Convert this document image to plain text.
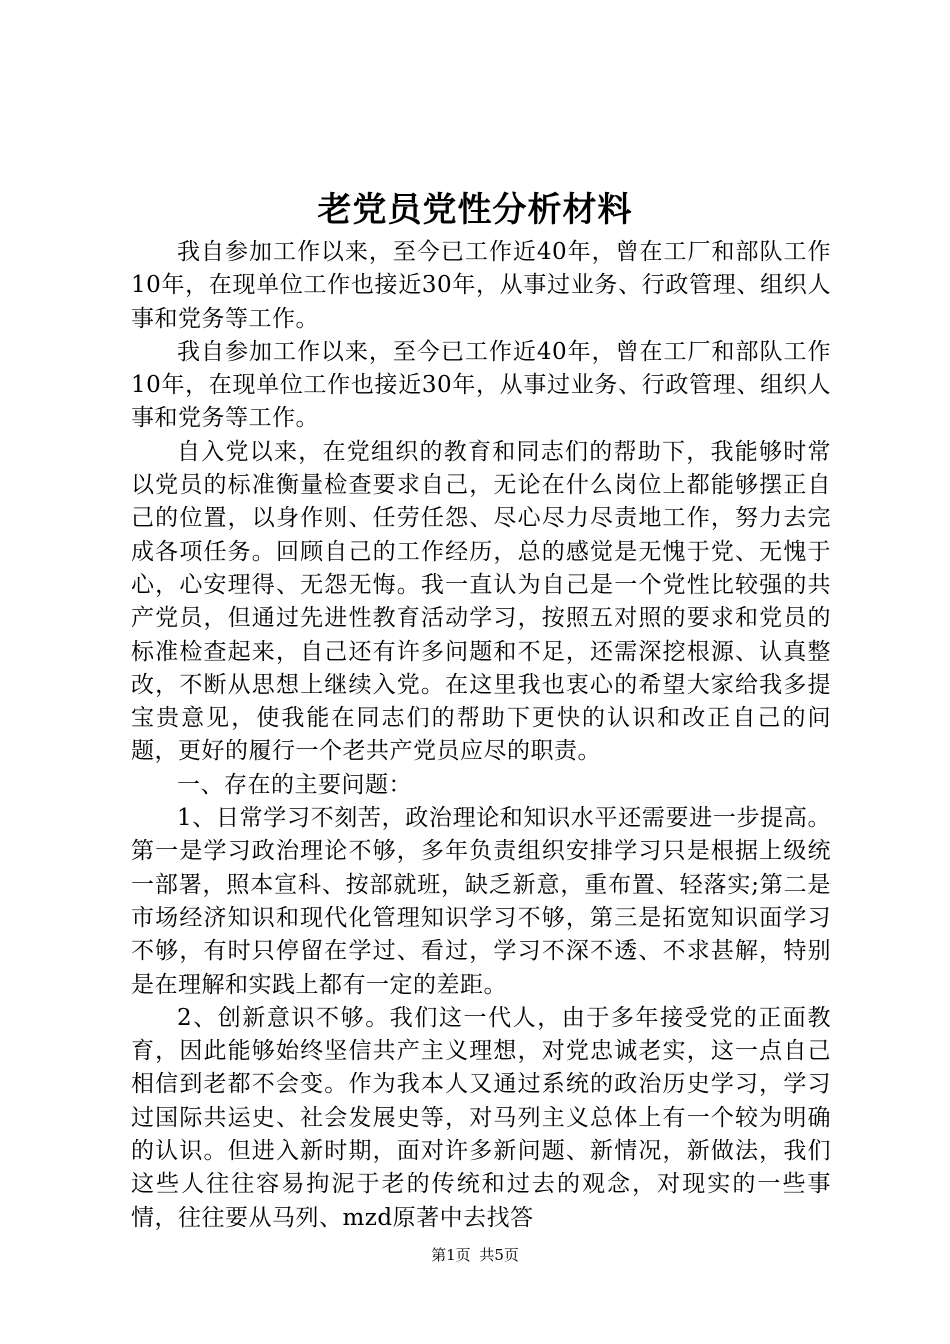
老党员党性分析材料

我自参加工作以来，至今已工作近40年，曾在工厂和部队工作10年，在现单位工作也接近30年，从事过业务、行政管理、组织人事和党务等工作。

我自参加工作以来，至今已工作近40年，曾在工厂和部队工作10年，在现单位工作也接近30年，从事过业务、行政管理、组织人事和党务等工作。

自入党以来，在党组织的教育和同志们的帮助下，我能够时常以党员的标准衡量检查要求自己，无论在什么岗位上都能够摆正自己的位置，以身作则、任劳任怨、尽心尽力尽责地工作，努力去完成各项任务。回顾自己的工作经历，总的感觉是无愧于党、无愧于心，心安理得、无怨无悔。我一直认为自己是一个党性比较强的共产党员，但通过先进性教育活动学习，按照五对照的要求和党员的标准检查起来，自己还有许多问题和不足，还需深挖根源、认真整改，不断从思想上继续入党。在这里我也衷心的希望大家给我多提宝贵意见，使我能在同志们的帮助下更快的认识和改正自己的问题，更好的履行一个老共产党员应尽的职责。

一、存在的主要问题：

1、日常学习不刻苦，政治理论和知识水平还需要进一步提高。第一是学习政治理论不够，多年负责组织安排学习只是根据上级统一部署，照本宣科、按部就班，缺乏新意，重布置、轻落实;第二是市场经济知识和现代化管理知识学习不够，第三是拓宽知识面学习不够，有时只停留在学过、看过，学习不深不透、不求甚解，特别是在理解和实践上都有一定的差距。

2、创新意识不够。我们这一代人，由于多年接受党的正面教育，因此能够始终坚信共产主义理想，对党忠诚老实，这一点自己相信到老都不会变。作为我本人又通过系统的政治历史学习，学习过国际共运史、社会发展史等，对马列主义总体上有一个较为明确的认识。但进入新时期，面对许多新问题、新情况，新做法，我们这些人往往容易拘泥于老的传统和过去的观念，对现实的一些事情，往往要从马列、mzd原著中去找答

第1页 共5页
